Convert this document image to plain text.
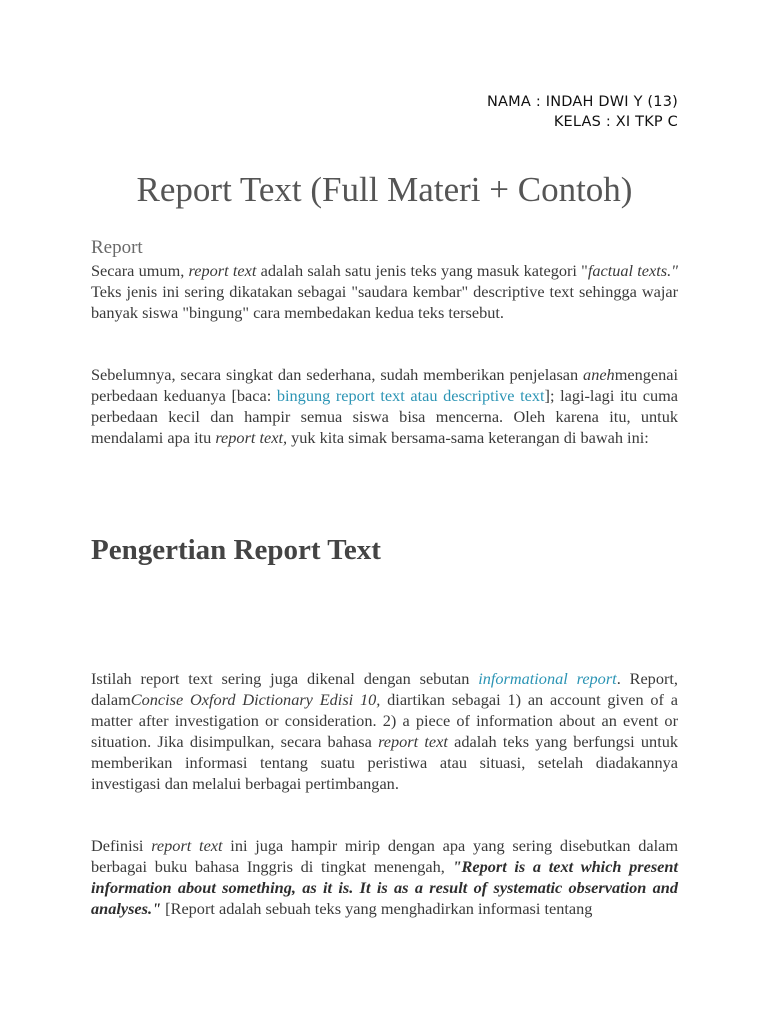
NAMA : INDAH DWI Y (13)
KELAS : XI TKP C
Report Text (Full Materi + Contoh)
Report

Secara umum, report text adalah salah satu jenis teks yang masuk kategori "factual texts." Teks jenis ini sering dikatakan sebagai "saudara kembar" descriptive text sehingga wajar banyak siswa "bingung" cara membedakan kedua teks tersebut.

Sebelumnya, secara singkat dan sederhana, sudah memberikan penjelasan anehmengenai perbedaan keduanya [baca: bingung report text atau descriptive text]; lagi-lagi itu cuma perbedaan kecil dan hampir semua siswa bisa mencerna. Oleh karena itu, untuk mendalami apa itu report text, yuk kita simak bersama-sama keterangan di bawah ini:

Pengertian Report Text

Istilah report text sering juga dikenal dengan sebutan informational report. Report, dalamConcise Oxford Dictionary Edisi 10, diartikan sebagai 1) an account given of a matter after investigation or consideration. 2) a piece of information about an event or situation. Jika disimpulkan, secara bahasa report text adalah teks yang berfungsi untuk memberikan informasi tentang suatu peristiwa atau situasi, setelah diadakannya investigasi dan melalui berbagai pertimbangan.

Definisi report text ini juga hampir mirip dengan apa yang sering disebutkan dalam berbagai buku bahasa Inggris di tingkat menengah, "Report is a text which present information about something, as it is. It is as a result of systematic observation and analyses." [Report adalah sebuah teks yang menghadirkan informasi tentang
